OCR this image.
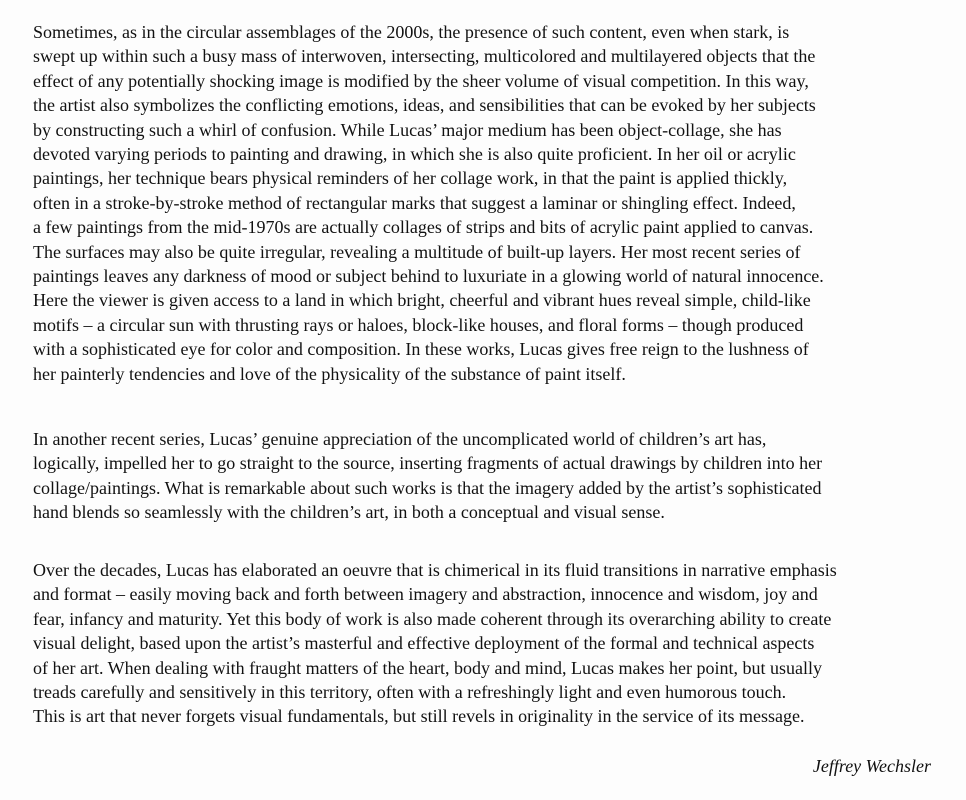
Sometimes, as in the circular assemblages of the 2000s, the presence of such content, even when stark, is
swept up within such a busy mass of interwoven, intersecting, multicolored and multilayered objects that the
effect of any potentially shocking image is modified by the sheer volume of visual competition. In this way,
the artist also symbolizes the conflicting emotions, ideas, and sensibilities that can be evoked by her subjects
by constructing such a whirl of confusion. While Lucas’ major medium has been object-collage, she has
devoted varying periods to painting and drawing, in which she is also quite proficient. In her oil or acrylic
paintings, her technique bears physical reminders of her collage work, in that the paint is applied thickly,
often in a stroke-by-stroke method of rectangular marks that suggest a laminar or shingling effect. Indeed,
a few paintings from the mid-1970s are actually collages of strips and bits of acrylic paint applied to canvas.
The surfaces may also be quite irregular, revealing a multitude of built-up layers. Her most recent series of
paintings leaves any darkness of mood or subject behind to luxuriate in a glowing world of natural innocence.
Here the viewer is given access to a land in which bright, cheerful and vibrant hues reveal simple, child-like
motifs – a circular sun with thrusting rays or haloes, block-like houses, and floral forms – though produced
with a sophisticated eye for color and composition. In these works, Lucas gives free reign to the lushness of
her painterly tendencies and love of the physicality of the substance of paint itself.
In another recent series, Lucas’ genuine appreciation of the uncomplicated world of children’s art has,
logically, impelled her to go straight to the source, inserting fragments of actual drawings by children into her
collage/paintings. What is remarkable about such works is that the imagery added by the artist’s sophisticated
hand blends so seamlessly with the children’s art, in both a conceptual and visual sense.
Over the decades, Lucas has elaborated an oeuvre that is chimerical in its fluid transitions in narrative emphasis
and format – easily moving back and forth between imagery and abstraction, innocence and wisdom, joy and
fear, infancy and maturity. Yet this body of work is also made coherent through its overarching ability to create
visual delight, based upon the artist’s masterful and effective deployment of the formal and technical aspects
of her art. When dealing with fraught matters of the heart, body and mind, Lucas makes her point, but usually
treads carefully and sensitively in this territory, often with a refreshingly light and even humorous touch.
This is art that never forgets visual fundamentals, but still revels in originality in the service of its message.

Jeffrey Wechsler
